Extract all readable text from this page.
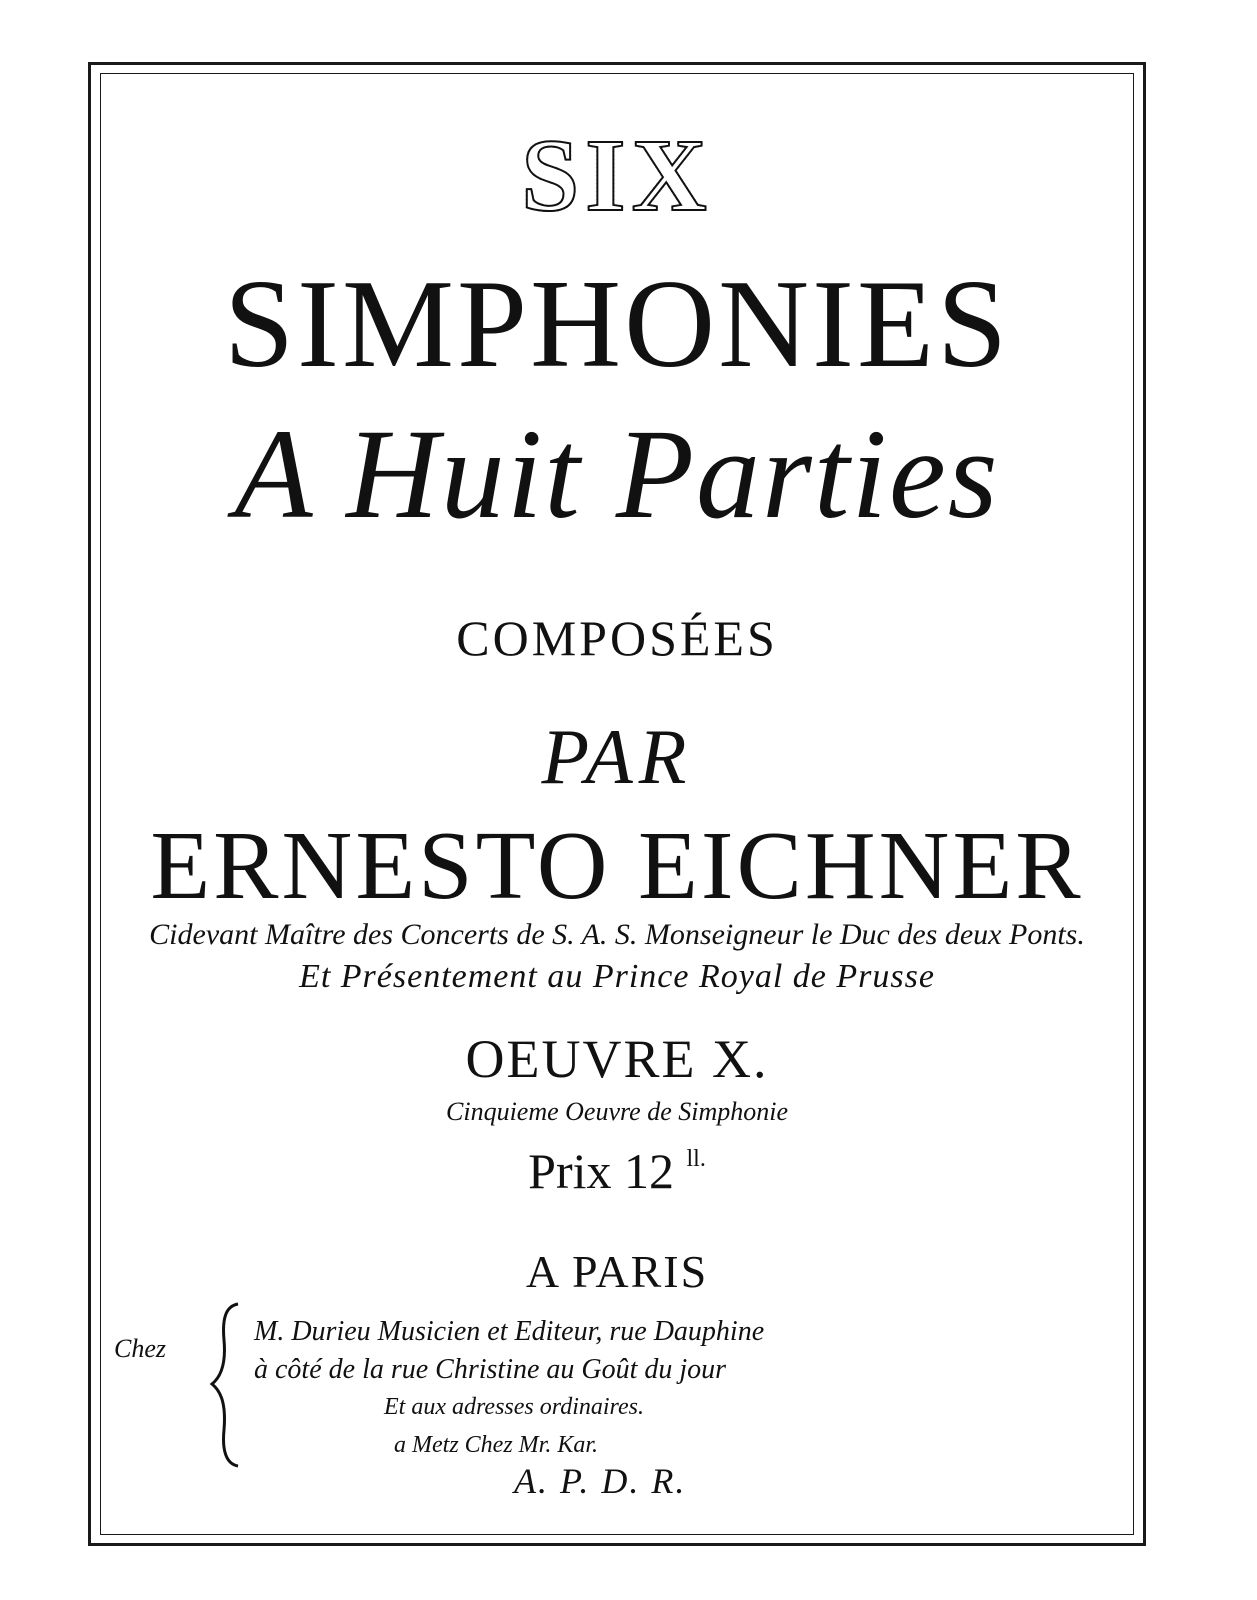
SIX
SIMPHONIES
A Huit Parties
COMPOSÉES
PAR
ERNESTO EICHNER
Cidevant Maître des Concerts de S. A. S. Monseigneur le Duc des deux Ponts.
Et Présentement au Prince Royal de Prusse
OEUVRE X.
Cinquieme Oeuvre de Simphonie
Prix 12 $^{ll.}$
A PARIS
Chez
M. Durieu Musicien et Editeur, rue Dauphine
à côté de la rue Christine au Goût du jour
Et aux adresses ordinaires.
a Metz Chez Mr. Kar.
A. P. D. R.
